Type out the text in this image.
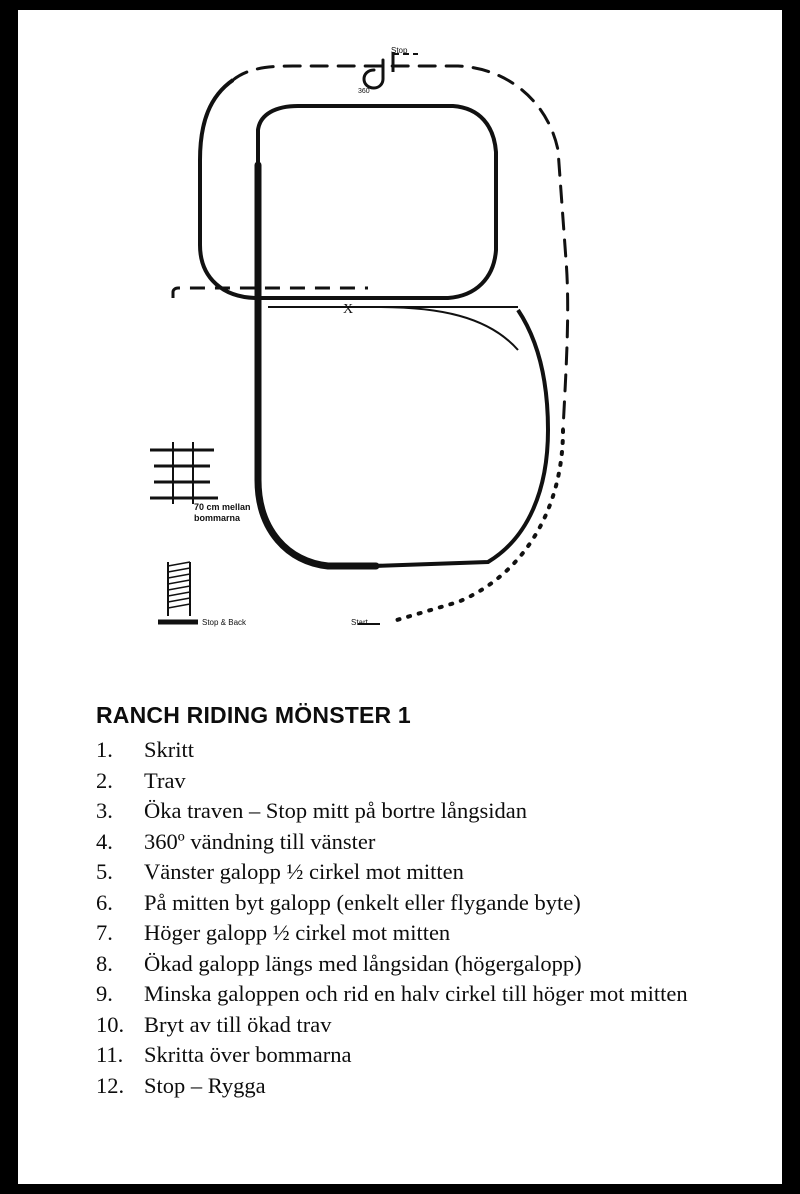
Stop
360
X
70 cm mellan
bommarna
Stop & Back	Start
RANCH RIDING MÖNSTER 1
1.	Skritt
2.	Trav
3.	Öka traven – Stop mitt på bortre långsidan
4.	360º vändning till vänster
5.	Vänster galopp ½ cirkel mot mitten
6.	På mitten byt galopp (enkelt eller flygande byte)
7.	Höger galopp ½ cirkel mot mitten
8.	Ökad galopp längs med långsidan (högergalopp)
9.	Minska galoppen och rid en halv cirkel till höger mot mitten
10. Bryt av till ökad trav
11. Skritta över bommarna
12. Stop – Rygga
